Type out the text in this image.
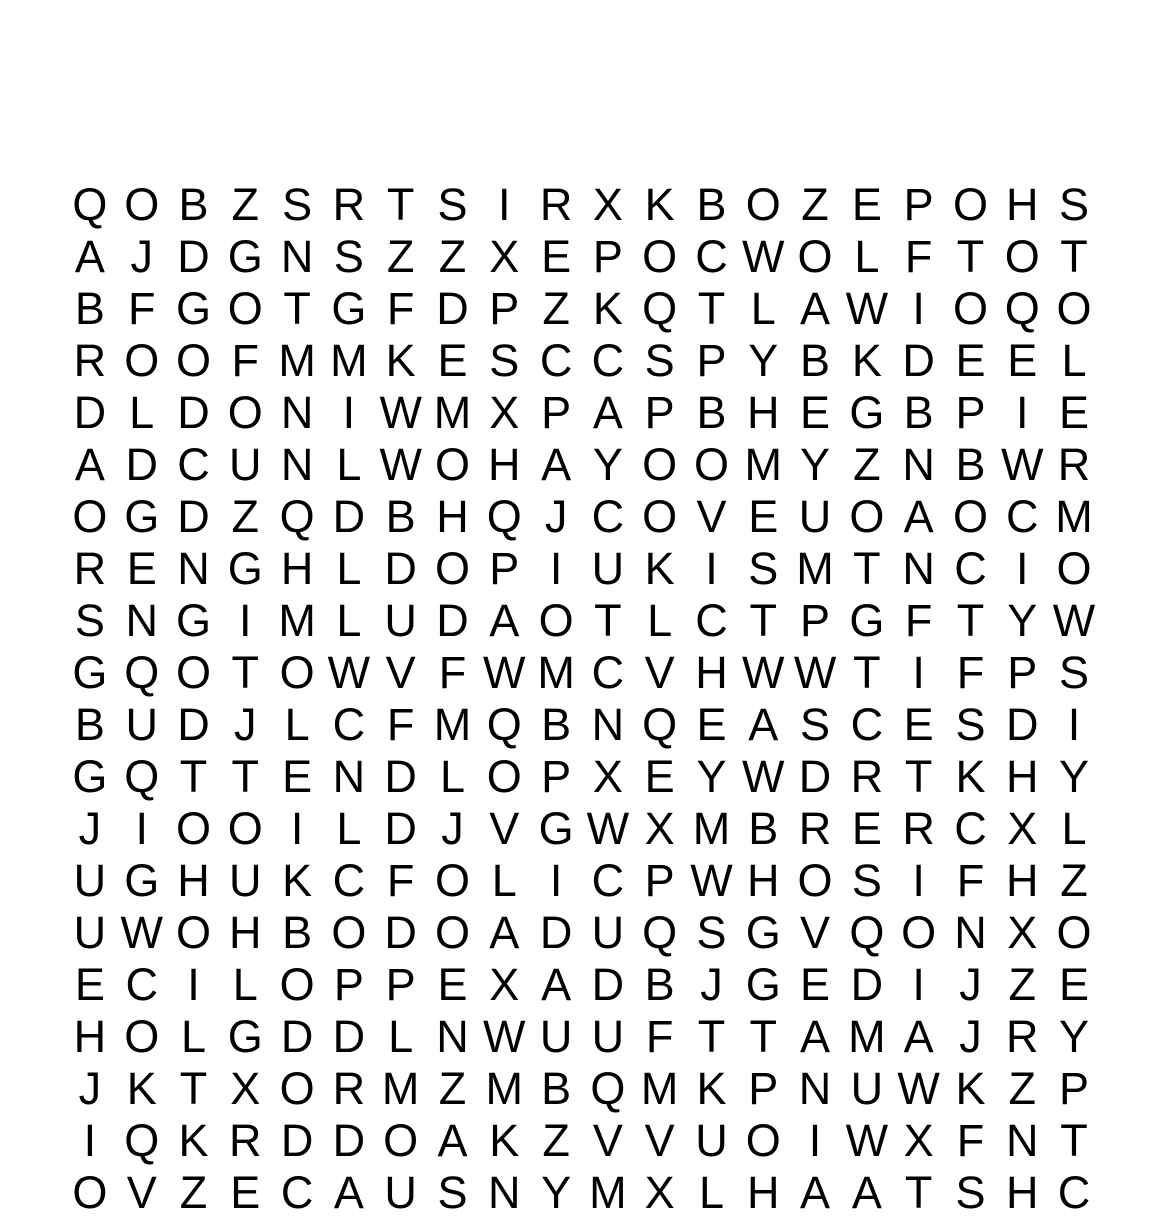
Q O B Z S R T S I R X K B O Z E P O H S
A J D G N S Z Z X E P O C W O L F T O T
B F G O T G F D P Z K Q T L A W I O Q O
R O O F M M K E S C C S P Y B K D E E L
D L D O N I W M X P A P B H E G B P I E
A D C U N L W O H A Y O O M Y Z N B W R
O G D Z Q D B H Q J C O V E U O A O C M
R E N G H L D O P I U K I S M T N C I O
S N G I M L U D A O T L C T P G F T Y W
G Q O T O W V F W M C V H W W T I F P S
B U D J L C F M Q B N Q E A S C E S D I
G Q T T E N D L O P X E Y W D R T K H Y
J I O O I L D J V G W X M B R E R C X L
U G H U K C F O L I C P W H O S I F H Z
U W O H B O D O A D U Q S G V Q O N X O
E C I L O P P E X A D B J G E D I J Z E
H O L G D D L N W U U F T T A M A J R Y
J K T X O R M Z M B Q M K P N U W K Z P
I Q K R D D O A K Z V V U O I W X F N T
O V Z E C A U S N Y M X L H A A T S H C
